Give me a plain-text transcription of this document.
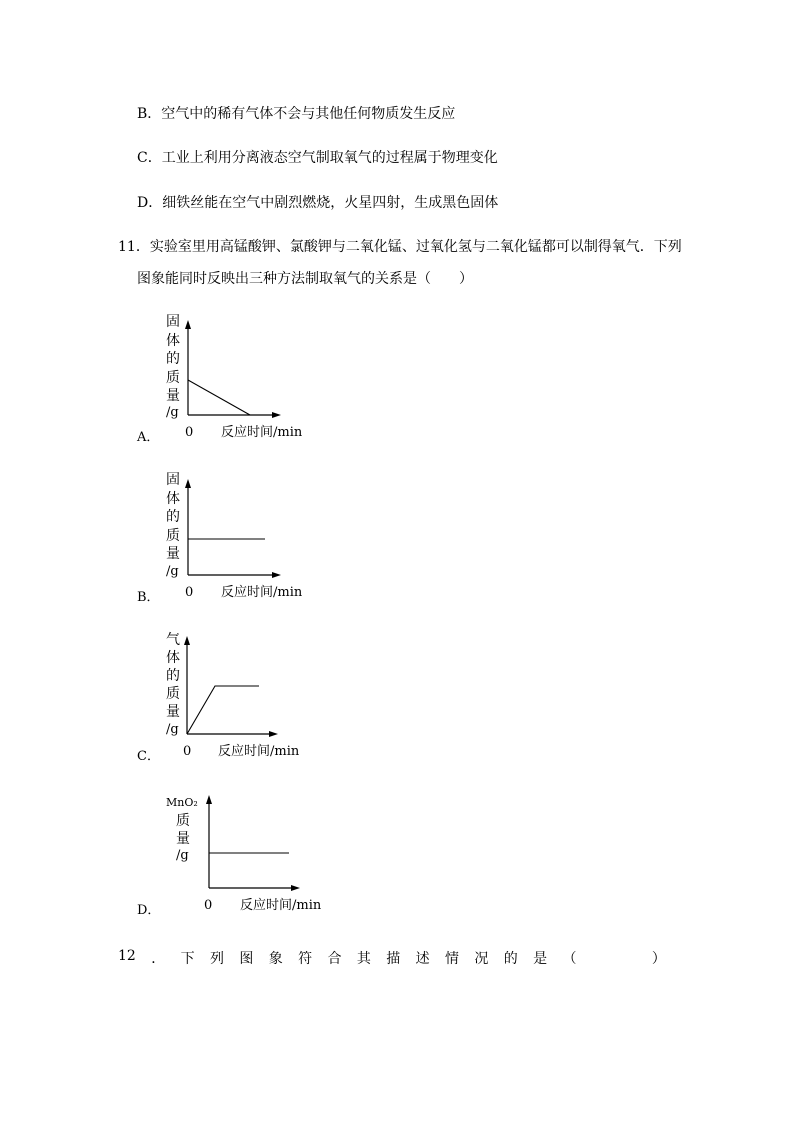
B．空气中的稀有气体不会与其他任何物质发生反应
C．工业上利用分离液态空气制取氧气的过程属于物理变化
D．细铁丝能在空气中剧烈燃烧，火星四射，生成黑色固体
11．实验室里用高锰酸钾、氯酸钾与二氧化锰、过氧化氢与二氧化锰都可以制得氧气．下列
图象能同时反映出三种方法制取氧气的关系是（　　）
固
体
的
质
量
/g
0 反应时间/min
A．
固
体
的
质
量
/g
0 反应时间/min
B．
气
体
的
质
量
/g
0 反应时间/min
C．
MnO₂
质
量
/g
0 反应时间/min
D．
12 ． 下 列 图 象 符 合 其 描 述 情 况 的 是 （	）
